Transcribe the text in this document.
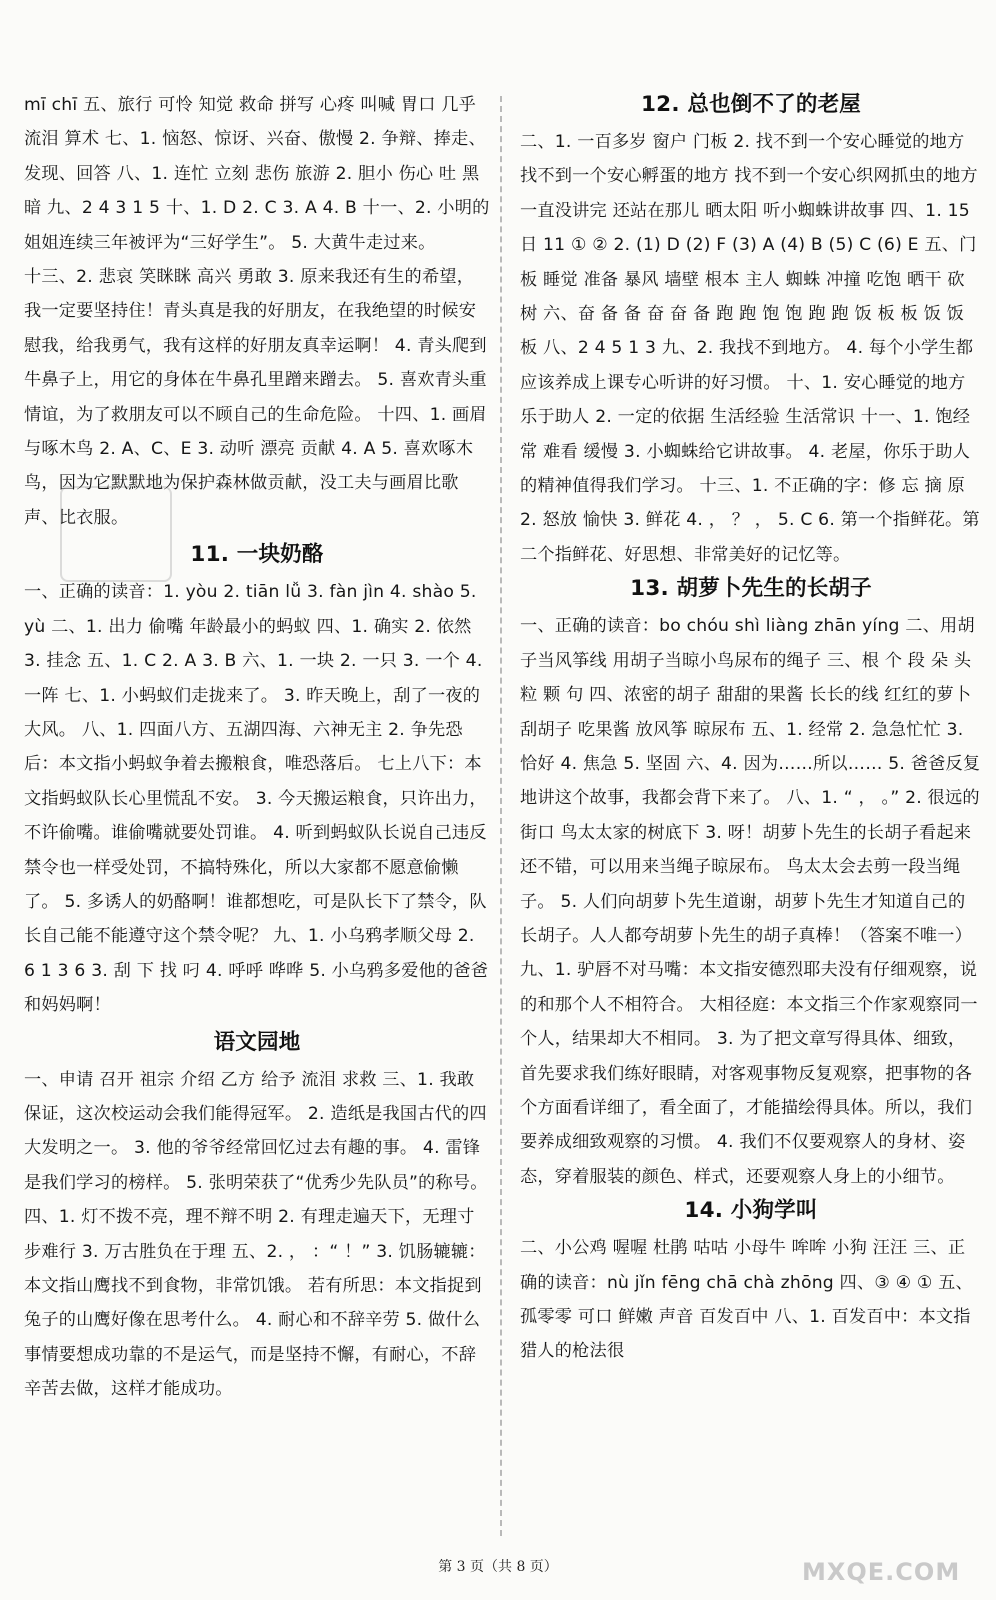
mī chī 五、旅行 可怜 知觉 救命 拼写 心疼 叫喊 胃口 几乎 流泪 算术 七、1. 恼怒、惊讶、兴奋、傲慢 2. 争辩、捧走、发现、回答 八、1. 连忙 立刻 悲伤 旅游 2. 胆小 伤心 吐 黑暗 九、2 4 3 1 5 十、1. D 2. C 3. A 4. B 十一、2. 小明的姐姐连续三年被评为“三好学生”。 5. 大黄牛走过来。

十三、2. 悲哀 笑眯眯 高兴 勇敢 3. 原来我还有生的希望，我一定要坚持住！青头真是我的好朋友，在我绝望的时候安慰我，给我勇气，我有这样的好朋友真幸运啊！ 4. 青头爬到牛鼻子上，用它的身体在牛鼻孔里蹭来蹭去。 5. 喜欢青头重情谊，为了救朋友可以不顾自己的生命危险。 十四、1. 画眉与啄木鸟 2. A、C、E 3. 动听 漂亮 贡献 4. A 5. 喜欢啄木鸟，因为它默默地为保护森林做贡献，没工夫与画眉比歌声、比衣服。

11. 一块奶酪

一、正确的读音：1. yòu 2. tiān lǚ 3. fàn jìn 4. shào 5. yù 二、1. 出力 偷嘴 年龄最小的蚂蚁 四、1. 确实 2. 依然 3. 挂念 五、1. C 2. A 3. B 六、1. 一块 2. 一只 3. 一个 4. 一阵 七、1. 小蚂蚁们走拢来了。 3. 昨天晚上，刮了一夜的大风。 八、1. 四面八方、五湖四海、六神无主 2. 争先恐后：本文指小蚂蚁争着去搬粮食，唯恐落后。 七上八下：本文指蚂蚁队长心里慌乱不安。 3. 今天搬运粮食，只许出力，不许偷嘴。谁偷嘴就要处罚谁。 4. 听到蚂蚁队长说自己违反禁令也一样受处罚，不搞特殊化，所以大家都不愿意偷懒了。 5. 多诱人的奶酪啊！谁都想吃，可是队长下了禁令，队长自己能不能遵守这个禁令呢？ 九、1. 小乌鸦孝顺父母 2. 6 1 3 6 3. 刮 下 找 叼 4. 呼呼 哗哗 5. 小乌鸦多爱他的爸爸和妈妈啊！

语文园地

一、申请 召开 祖宗 介绍 乙方 给予 流泪 求救 三、1. 我敢保证，这次校运动会我们能得冠军。 2. 造纸是我国古代的四大发明之一。 3. 他的爷爷经常回忆过去有趣的事。 4. 雷锋是我们学习的榜样。 5. 张明荣获了“优秀少先队员”的称号。 四、1. 灯不拨不亮，理不辩不明 2. 有理走遍天下，无理寸步难行 3. 万古胜负在于理 五、2. ， ：“ ！” 3. 饥肠辘辘：本文指山鹰找不到食物，非常饥饿。 若有所思：本文指捉到兔子的山鹰好像在思考什么。 4. 耐心和不辞辛劳 5. 做什么事情要想成功靠的不是运气，而是坚持不懈，有耐心，不辞辛苦去做，这样才能成功。

12. 总也倒不了的老屋

二、1. 一百多岁 窗户 门板 2. 找不到一个安心睡觉的地方 找不到一个安心孵蛋的地方 找不到一个安心织网抓虫的地方 一直没讲完 还站在那儿 晒太阳 听小蜘蛛讲故事 四、1. 15 日 11 ① ② 2. (1) D (2) F (3) A (4) B (5) C (6) E 五、门板 睡觉 准备 暴风 墙壁 根本 主人 蜘蛛 冲撞 吃饱 晒干 砍树 六、奋 备 备 奋 奋 备 跑 跑 饱 饱 跑 跑 饭 板 板 饭 饭 板 八、2 4 5 1 3 九、2. 我找不到地方。 4. 每个小学生都应该养成上课专心听讲的好习惯。 十、1. 安心睡觉的地方 乐于助人 2. 一定的依据 生活经验 生活常识 十一、1. 饱经常 难看 缓慢 3. 小蜘蛛给它讲故事。 4. 老屋，你乐于助人的精神值得我们学习。 十三、1. 不正确的字：修 忘 摘 原 2. 怒放 愉快 3. 鲜花 4. ， ？ ， 5. C 6. 第一个指鲜花。第二个指鲜花、好思想、非常美好的记忆等。

13. 胡萝卜先生的长胡子

一、正确的读音：bo chóu shì liàng zhān yíng 二、用胡子当风筝线 用胡子当晾小鸟尿布的绳子 三、根 个 段 朵 头 粒 颗 句 四、浓密的胡子 甜甜的果酱 长长的线 红红的萝卜 刮胡子 吃果酱 放风筝 晾尿布 五、1. 经常 2. 急急忙忙 3. 恰好 4. 焦急 5. 坚固 六、4. 因为……所以…… 5. 爸爸反复地讲这个故事，我都会背下来了。 八、1. “ ， 。” 2. 很远的街口 鸟太太家的树底下 3. 呀！胡萝卜先生的长胡子看起来还不错，可以用来当绳子晾尿布。 鸟太太会去剪一段当绳子。 5. 人们向胡萝卜先生道谢，胡萝卜先生才知道自己的长胡子。人人都夸胡萝卜先生的胡子真棒！（答案不唯一） 九、1. 驴唇不对马嘴：本文指安德烈耶夫没有仔细观察，说的和那个人不相符合。 大相径庭：本文指三个作家观察同一个人，结果却大不相同。 3. 为了把文章写得具体、细致，首先要求我们练好眼睛，对客观事物反复观察，把事物的各个方面看详细了，看全面了，才能描绘得具体。所以，我们要养成细致观察的习惯。 4. 我们不仅要观察人的身材、姿态，穿着服装的颜色、样式，还要观察人身上的小细节。

14. 小狗学叫

二、小公鸡 喔喔 杜鹃 咕咕 小母牛 哞哞 小狗 汪汪 三、正确的读音：nù jǐn fēng chā chà zhōng 四、③ ④ ① 五、孤零零 可口 鲜嫩 声音 百发百中 八、1. 百发百中：本文指猎人的枪法很

第 3 页（共 8 页）	MXQE.COM
